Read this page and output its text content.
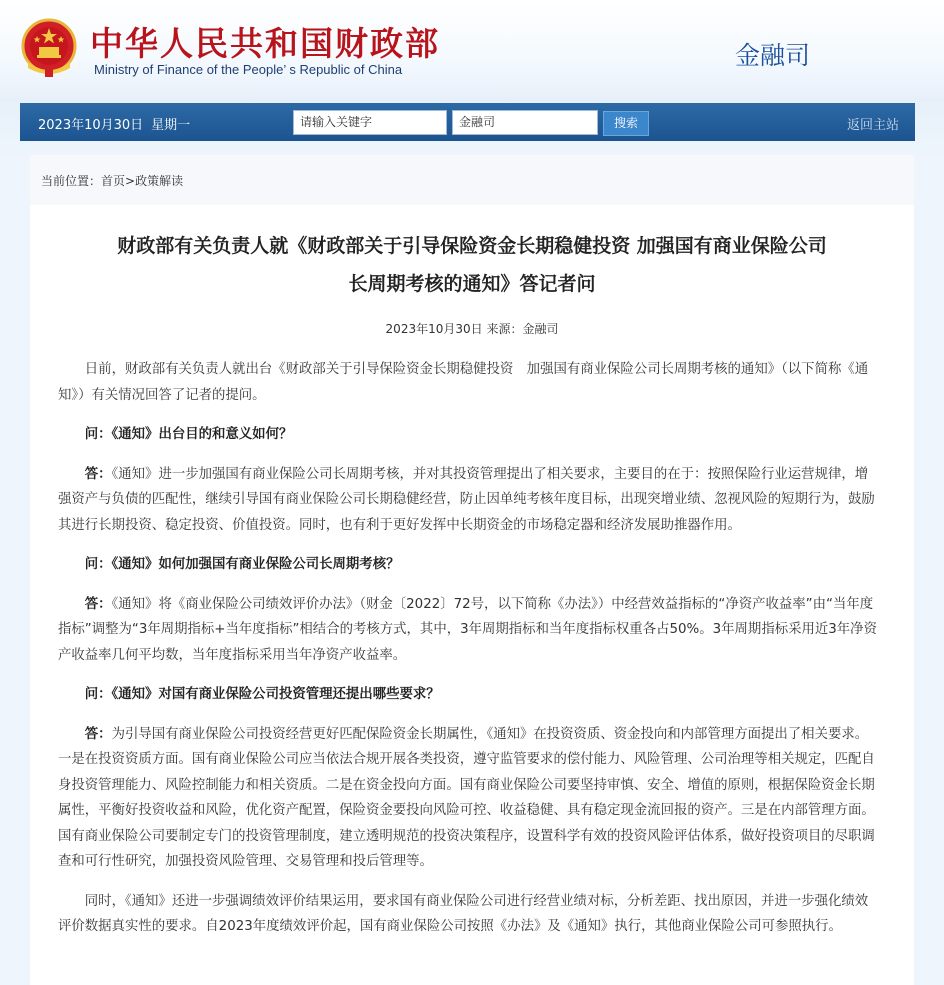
中华人民共和国财政部
Ministry of Finance of the People’ s Republic of China	金融司
2023年10月30日 星期一	请输入关键字	金融司	搜索	返回主站
当前位置：首页>政策解读
财政部有关负责人就《财政部关于引导保险资金长期稳健投资 加强国有商业保险公司
长周期考核的通知》答记者问
2023年10月30日 来源：金融司

日前，财政部有关负责人就出台《财政部关于引导保险资金长期稳健投资　加强国有商业保险公司长周期考核的通知》（以下简称《通知》）有关情况回答了记者的提问。

问：《通知》出台目的和意义如何？

答：《通知》进一步加强国有商业保险公司长周期考核，并对其投资管理提出了相关要求，主要目的在于：按照保险行业运营规律，增强资产与负债的匹配性，继续引导国有商业保险公司长期稳健经营，防止因单纯考核年度目标，出现突增业绩、忽视风险的短期行为，鼓励其进行长期投资、稳定投资、价值投资。同时，也有利于更好发挥中长期资金的市场稳定器和经济发展助推器作用。

问：《通知》如何加强国有商业保险公司长周期考核？

答：《通知》将《商业保险公司绩效评价办法》（财金〔2022〕72号，以下简称《办法》）中经营效益指标的“净资产收益率”由“当年度指标”调整为“3年周期指标+当年度指标”相结合的考核方式，其中，3年周期指标和当年度指标权重各占50%。3年周期指标采用近3年净资产收益率几何平均数，当年度指标采用当年净资产收益率。

问：《通知》对国有商业保险公司投资管理还提出哪些要求？

答：为引导国有商业保险公司投资经营更好匹配保险资金长期属性，《通知》在投资资质、资金投向和内部管理方面提出了相关要求。一是在投资资质方面。国有商业保险公司应当依法合规开展各类投资，遵守监管要求的偿付能力、风险管理、公司治理等相关规定，匹配自身投资管理能力、风险控制能力和相关资质。二是在资金投向方面。国有商业保险公司要坚持审慎、安全、增值的原则，根据保险资金长期属性，平衡好投资收益和风险，优化资产配置，保险资金要投向风险可控、收益稳健、具有稳定现金流回报的资产。三是在内部管理方面。国有商业保险公司要制定专门的投资管理制度，建立透明规范的投资决策程序，设置科学有效的投资风险评估体系，做好投资项目的尽职调查和可行性研究，加强投资风险管理、交易管理和投后管理等。

同时，《通知》还进一步强调绩效评价结果运用，要求国有商业保险公司进行经营业绩对标，分析差距、找出原因，并进一步强化绩效评价数据真实性的要求。自2023年度绩效评价起，国有商业保险公司按照《办法》及《通知》执行，其他商业保险公司可参照执行。
